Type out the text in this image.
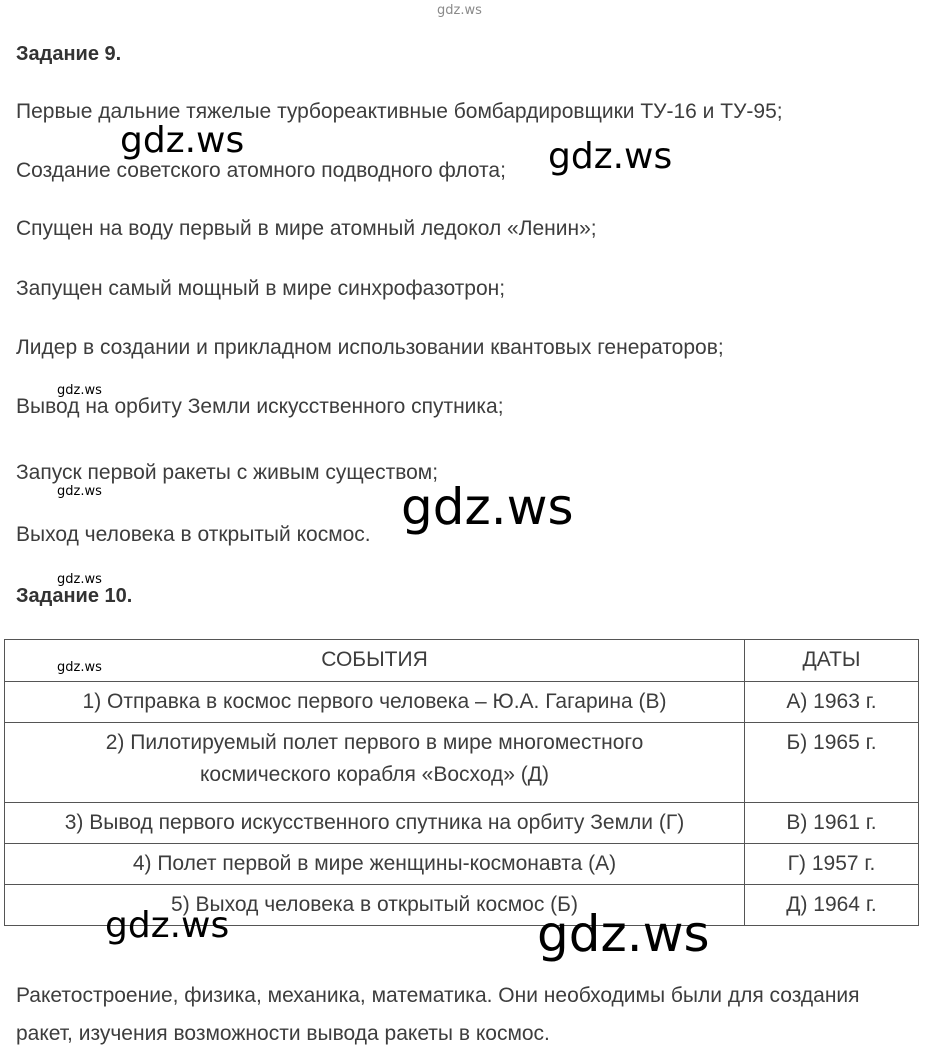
gdz.ws
Задание 9.
Первые дальние тяжелые турбореактивные бомбардировщики ТУ-16 и ТУ-95;
Создание советского атомного подводного флота;
Спущен на воду первый в мире атомный ледокол «Ленин»;
Запущен самый мощный в мире синхрофазотрон;
Лидер в создании и прикладном использовании квантовых генераторов;
Вывод на орбиту Земли искусственного спутника;
Запуск первой ракеты с живым существом;
Выход человека в открытый космос.
Задание 10.
СОБЫТИЯ	ДАТЫ
1) Отправка в космос первого человека – Ю.А. Гагарина (В)	А) 1963 г.
2) Пилотируемый полет первого в мире многоместного космического корабля «Восход» (Д)	Б) 1965 г.
3) Вывод первого искусственного спутника на орбиту Земли (Г)	В) 1961 г.
4) Полет первой в мире женщины-космонавта (А)	Г) 1957 г.
5) Выход человека в открытый космос (Б)	Д) 1964 г.
Ракетостроение, физика, механика, математика. Они необходимы были для создания ракет, изучения возможности вывода ракеты в космос.
gdz.ws	gdz.ws
gdz.ws
gdz.ws	gdz.ws
gdz.ws
gdz.ws
gdz.ws	gdz.ws
